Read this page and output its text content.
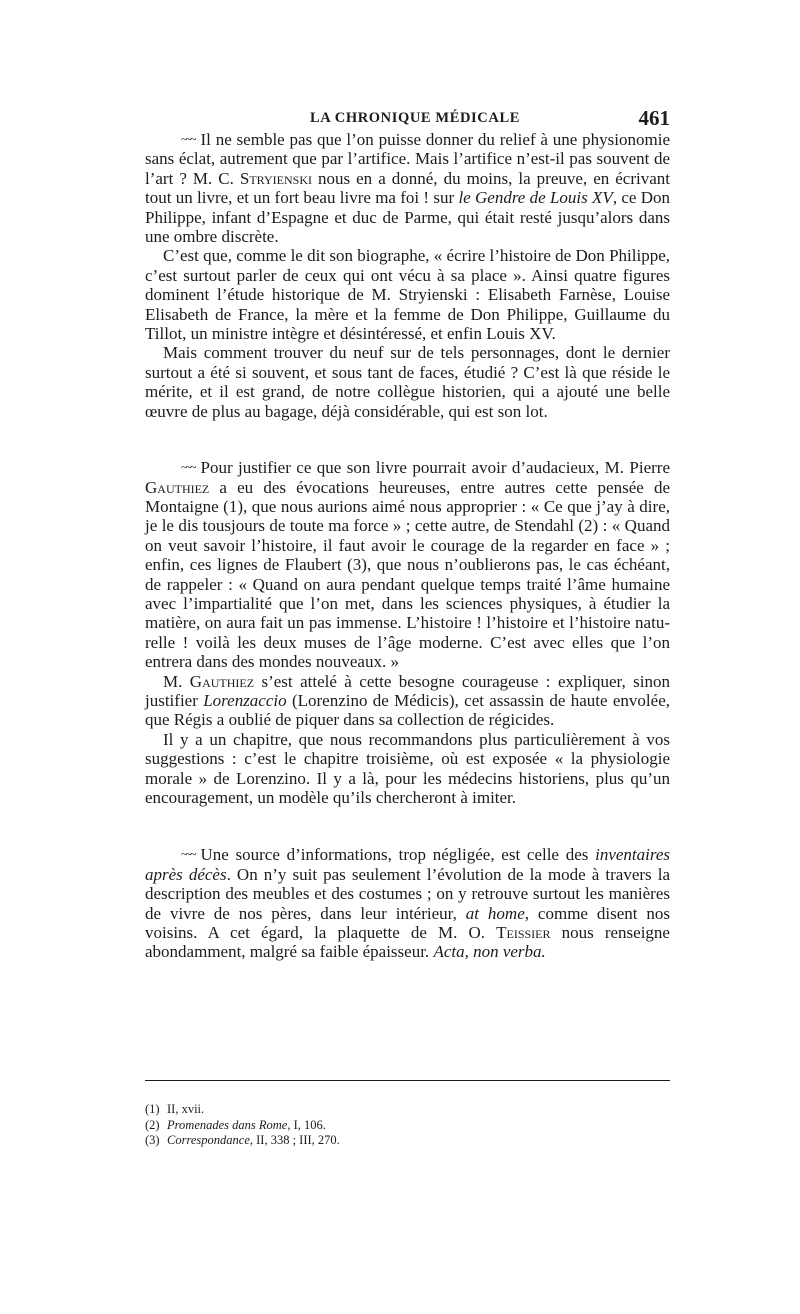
LA CHRONIQUE MÉDICALE	461

~~~ Il ne semble pas que l’on puisse donner du relief à une physionomie sans éclat, autrement que par l’artifice. Mais l’artifice n’est-il pas souvent de l’art ? M. C. Stryienski nous en a donné, du moins, la preuve, en écrivant tout un livre, et un fort beau livre ma foi ! sur le Gendre de Louis XV, ce Don Philippe, infant d’Espagne et duc de Parme, qui était resté jusqu’alors dans une ombre discrète.

C’est que, comme le dit son biographe, « écrire l’histoire de Don Philippe, c’est surtout parler de ceux qui ont vécu à sa place ». Ainsi quatre figures dominent l’étude historique de M. Stryienski : Elisabeth Farnèse, Louise Elisabeth de France, la mère et la femme de Don Philippe, Guillaume du Tillot, un ministre intègre et désintéressé, et enfin Louis XV.

Mais comment trouver du neuf sur de tels personnages, dont le dernier surtout a été si souvent, et sous tant de faces, étudié ? C’est là que réside le mérite, et il est grand, de notre collègue historien, qui a ajouté une belle œuvre de plus au bagage, déjà considérable, qui est son lot.

~~~ Pour justifier ce que son livre pourrait avoir d’audacieux, M. Pierre Gauthiez a eu des évocations heureuses, entre autres cette pensée de Montaigne (1), que nous aurions aimé nous approprier : « Ce que j’ay à dire, je le dis tousjours de toute ma force » ; cette autre, de Stendahl (2) : « Quand on veut savoir l’histoire, il faut avoir le courage de la regarder en face » ; enfin, ces lignes de Flaubert (3), que nous n’oublierons pas, le cas échéant, de rappeler : « Quand on aura pendant quelque temps traité l’âme humaine avec l’impartialité que l’on met, dans les sciences physiques, à étudier la matière, on aura fait un pas immense. L’histoire ! l’histoire et l’histoire naturelle ! voilà les deux muses de l’âge moderne. C’est avec elles que l’on entrera dans des mondes nouveaux. »

M. Gauthiez s’est attelé à cette besogne courageuse : expliquer, sinon justifier Lorenzaccio (Lorenzino de Médicis), cet assassin de haute envolée, que Régis a oublié de piquer dans sa collection de régicides.

Il y a un chapitre, que nous recommandons plus particulièrement à vos suggestions : c’est le chapitre troisième, où est exposée « la physiologie morale » de Lorenzino. Il y a là, pour les médecins historiens, plus qu’un encouragement, un modèle qu’ils chercheront à imiter.

~~~ Une source d’informations, trop négligée, est celle des inventaires après décès. On n’y suit pas seulement l’évolution de la mode à travers la description des meubles et des costumes ; on y retrouve surtout les manières de vivre de nos pères, dans leur intérieur, at home, comme disent nos voisins. A cet égard, la plaquette de M. O. Teissier nous renseigne abondamment, malgré sa faible épaisseur. Acta, non verba.

(1) II, xvii.
(2) Promenades dans Rome, I, 106.
(3) Correspondance, II, 338 ; III, 270.
